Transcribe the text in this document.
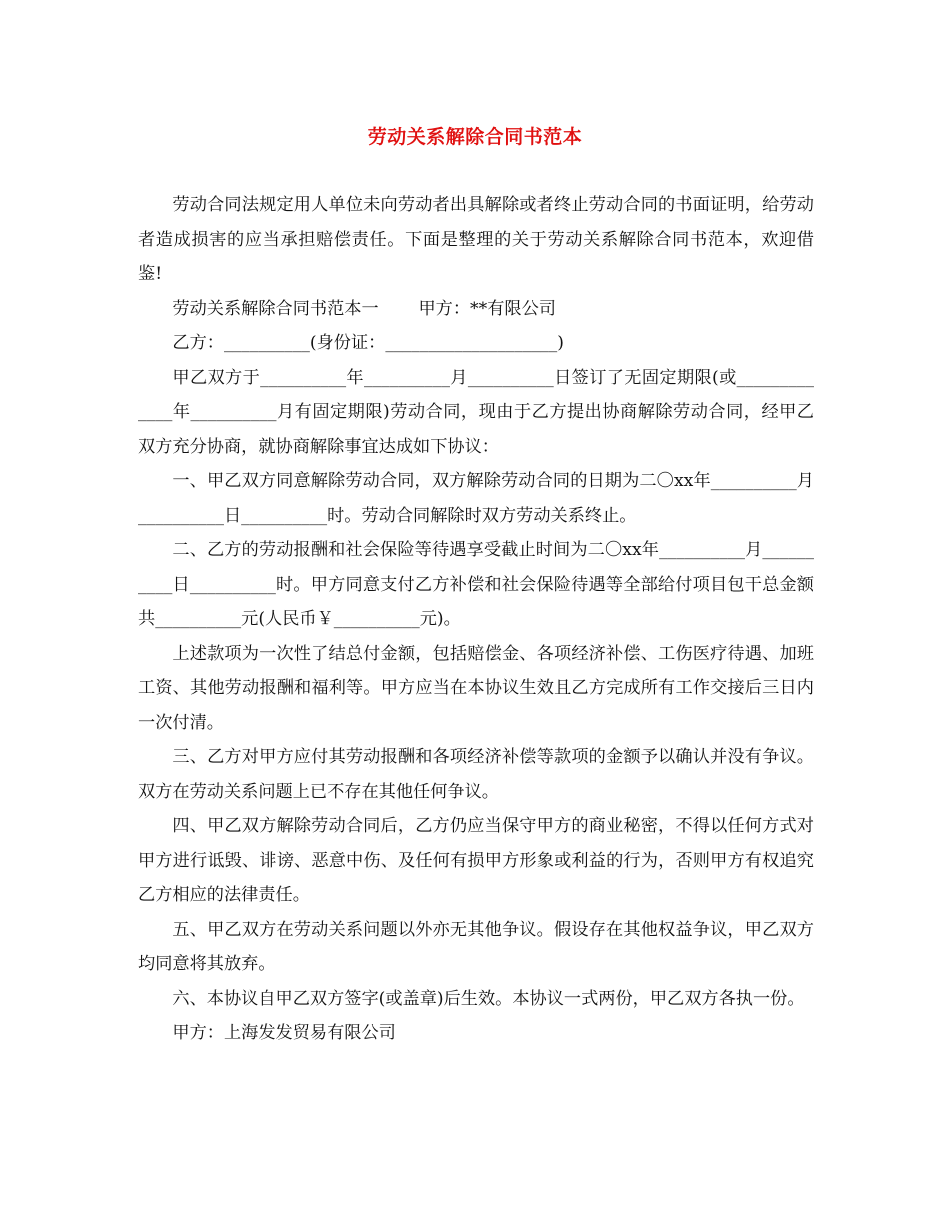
劳动关系解除合同书范本

劳动合同法规定用人单位未向劳动者出具解除或者终止劳动合同的书面证明，给劳动者造成损害的应当承担赔偿责任。下面是整理的关于劳动关系解除合同书范本，欢迎借鉴!

劳动关系解除合同书范本一　　 甲方：**有限公司

乙方：__________(身份证：____________________)

甲乙双方于__________年__________月__________日签订了无固定期限(或_____________年__________月有固定期限)劳动合同，现由于乙方提出协商解除劳动合同，经甲乙双方充分协商，就协商解除事宜达成如下协议：

一、甲乙双方同意解除劳动合同，双方解除劳动合同的日期为二〇xx年__________月__________日__________时。劳动合同解除时双方劳动关系终止。

二、乙方的劳动报酬和社会保险等待遇享受截止时间为二〇xx年__________月__________日__________时。甲方同意支付乙方补偿和社会保险待遇等全部给付项目包干总金额共__________元(人民币￥__________元)。

上述款项为一次性了结总付金额，包括赔偿金、各项经济补偿、工伤医疗待遇、加班工资、其他劳动报酬和福利等。甲方应当在本协议生效且乙方完成所有工作交接后三日内一次付清。

三、乙方对甲方应付其劳动报酬和各项经济补偿等款项的金额予以确认并没有争议。双方在劳动关系问题上已不存在其他任何争议。

四、甲乙双方解除劳动合同后，乙方仍应当保守甲方的商业秘密，不得以任何方式对甲方进行诋毁、诽谤、恶意中伤、及任何有损甲方形象或利益的行为，否则甲方有权追究乙方相应的法律责任。

五、甲乙双方在劳动关系问题以外亦无其他争议。假设存在其他权益争议，甲乙双方均同意将其放弃。

六、本协议自甲乙双方签字(或盖章)后生效。本协议一式两份，甲乙双方各执一份。

甲方：上海发发贸易有限公司
